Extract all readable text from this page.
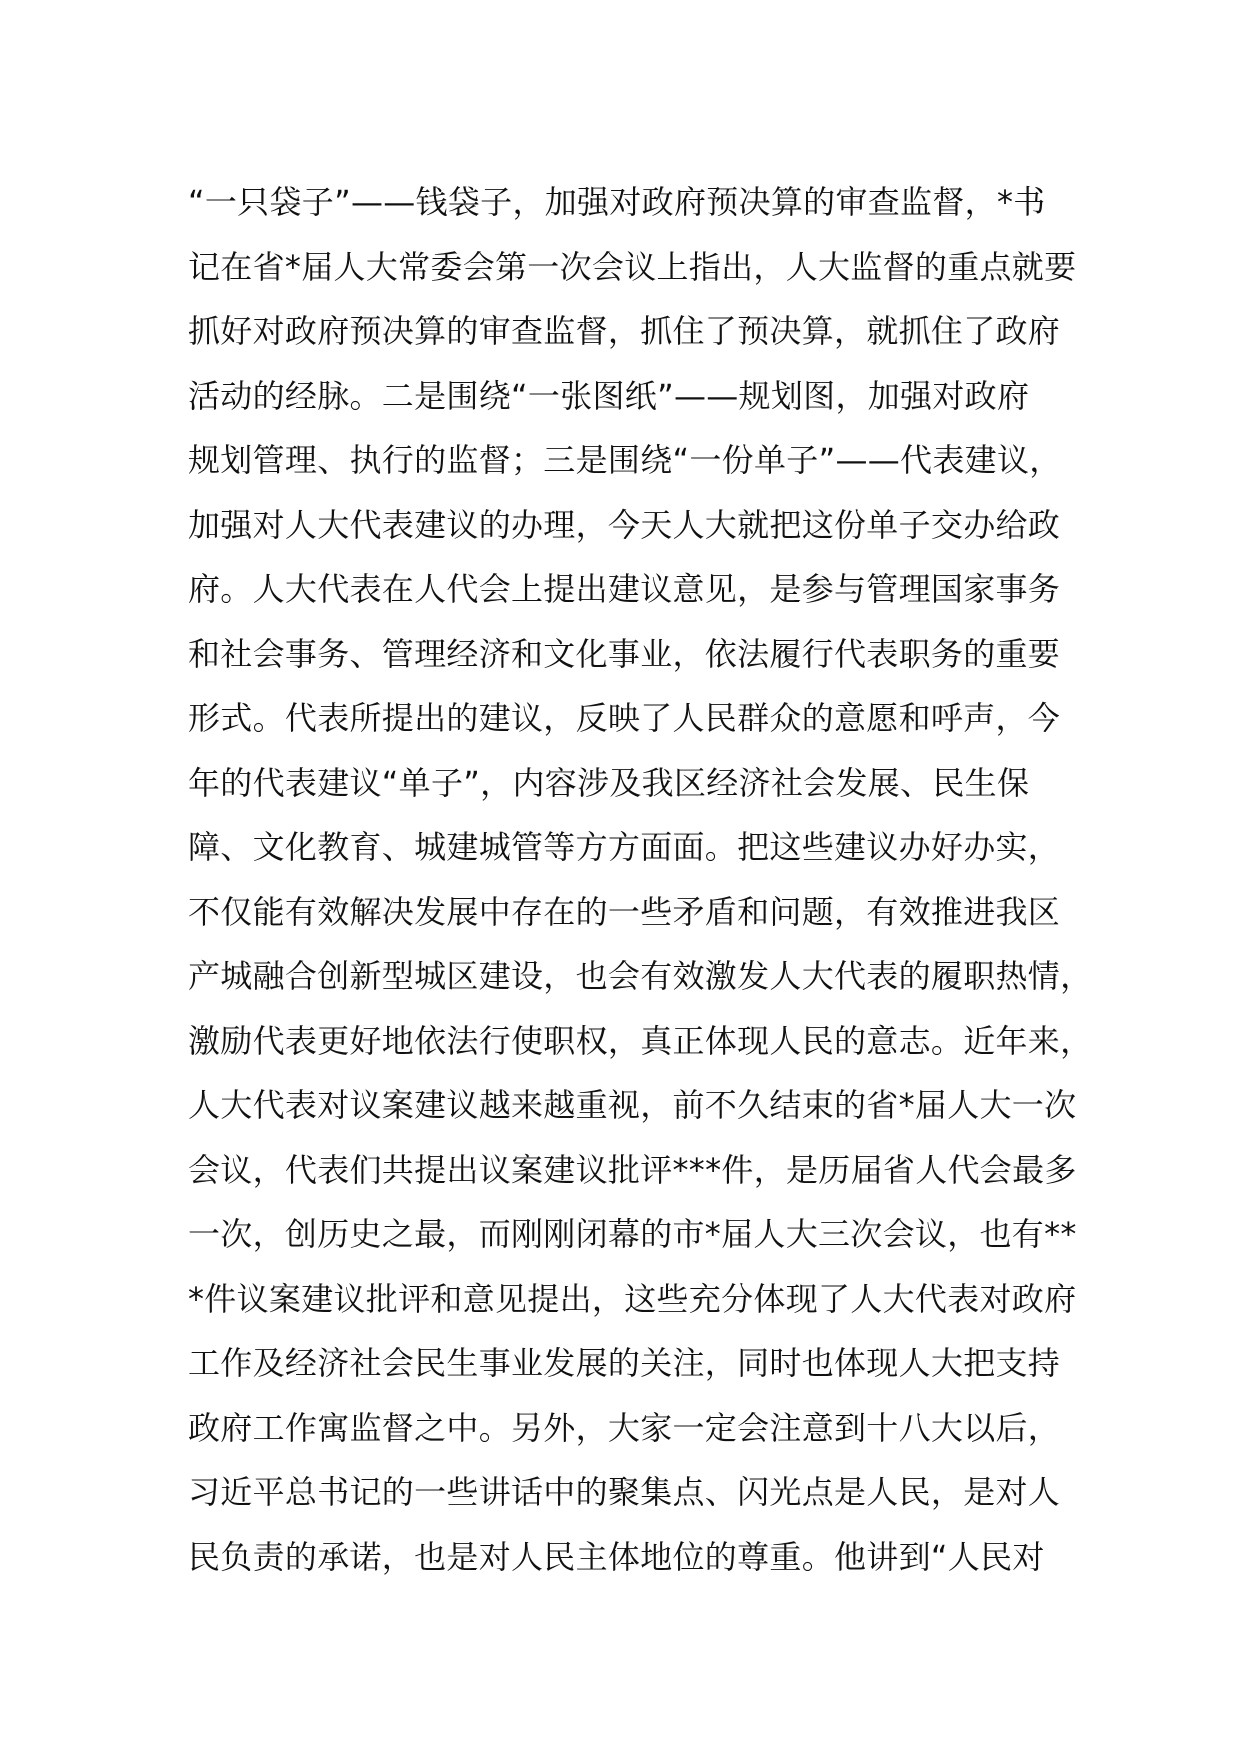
“一只袋子”——钱袋子，加强对政府预决算的审查监督，*书
记在省*届人大常委会第一次会议上指出，人大监督的重点就要
抓好对政府预决算的审查监督，抓住了预决算，就抓住了政府
活动的经脉。二是围绕“一张图纸”——规划图，加强对政府
规划管理、执行的监督；三是围绕“一份单子”——代表建议，
加强对人大代表建议的办理，今天人大就把这份单子交办给政
府。人大代表在人代会上提出建议意见，是参与管理国家事务
和社会事务、管理经济和文化事业，依法履行代表职务的重要
形式。代表所提出的建议，反映了人民群众的意愿和呼声，今
年的代表建议“单子”，内容涉及我区经济社会发展、民生保
障、文化教育、城建城管等方方面面。把这些建议办好办实，
不仅能有效解决发展中存在的一些矛盾和问题，有效推进我区
产城融合创新型城区建设，也会有效激发人大代表的履职热情，
激励代表更好地依法行使职权，真正体现人民的意志。近年来，
人大代表对议案建议越来越重视，前不久结束的省*届人大一次
会议，代表们共提出议案建议批评***件，是历届省人代会最多
一次，创历史之最，而刚刚闭幕的市*届人大三次会议，也有**
*件议案建议批评和意见提出，这些充分体现了人大代表对政府
工作及经济社会民生事业发展的关注，同时也体现人大把支持
政府工作寓监督之中。另外，大家一定会注意到十八大以后，
习近平总书记的一些讲话中的聚集点、闪光点是人民，是对人
民负责的承诺，也是对人民主体地位的尊重。他讲到“人民对
